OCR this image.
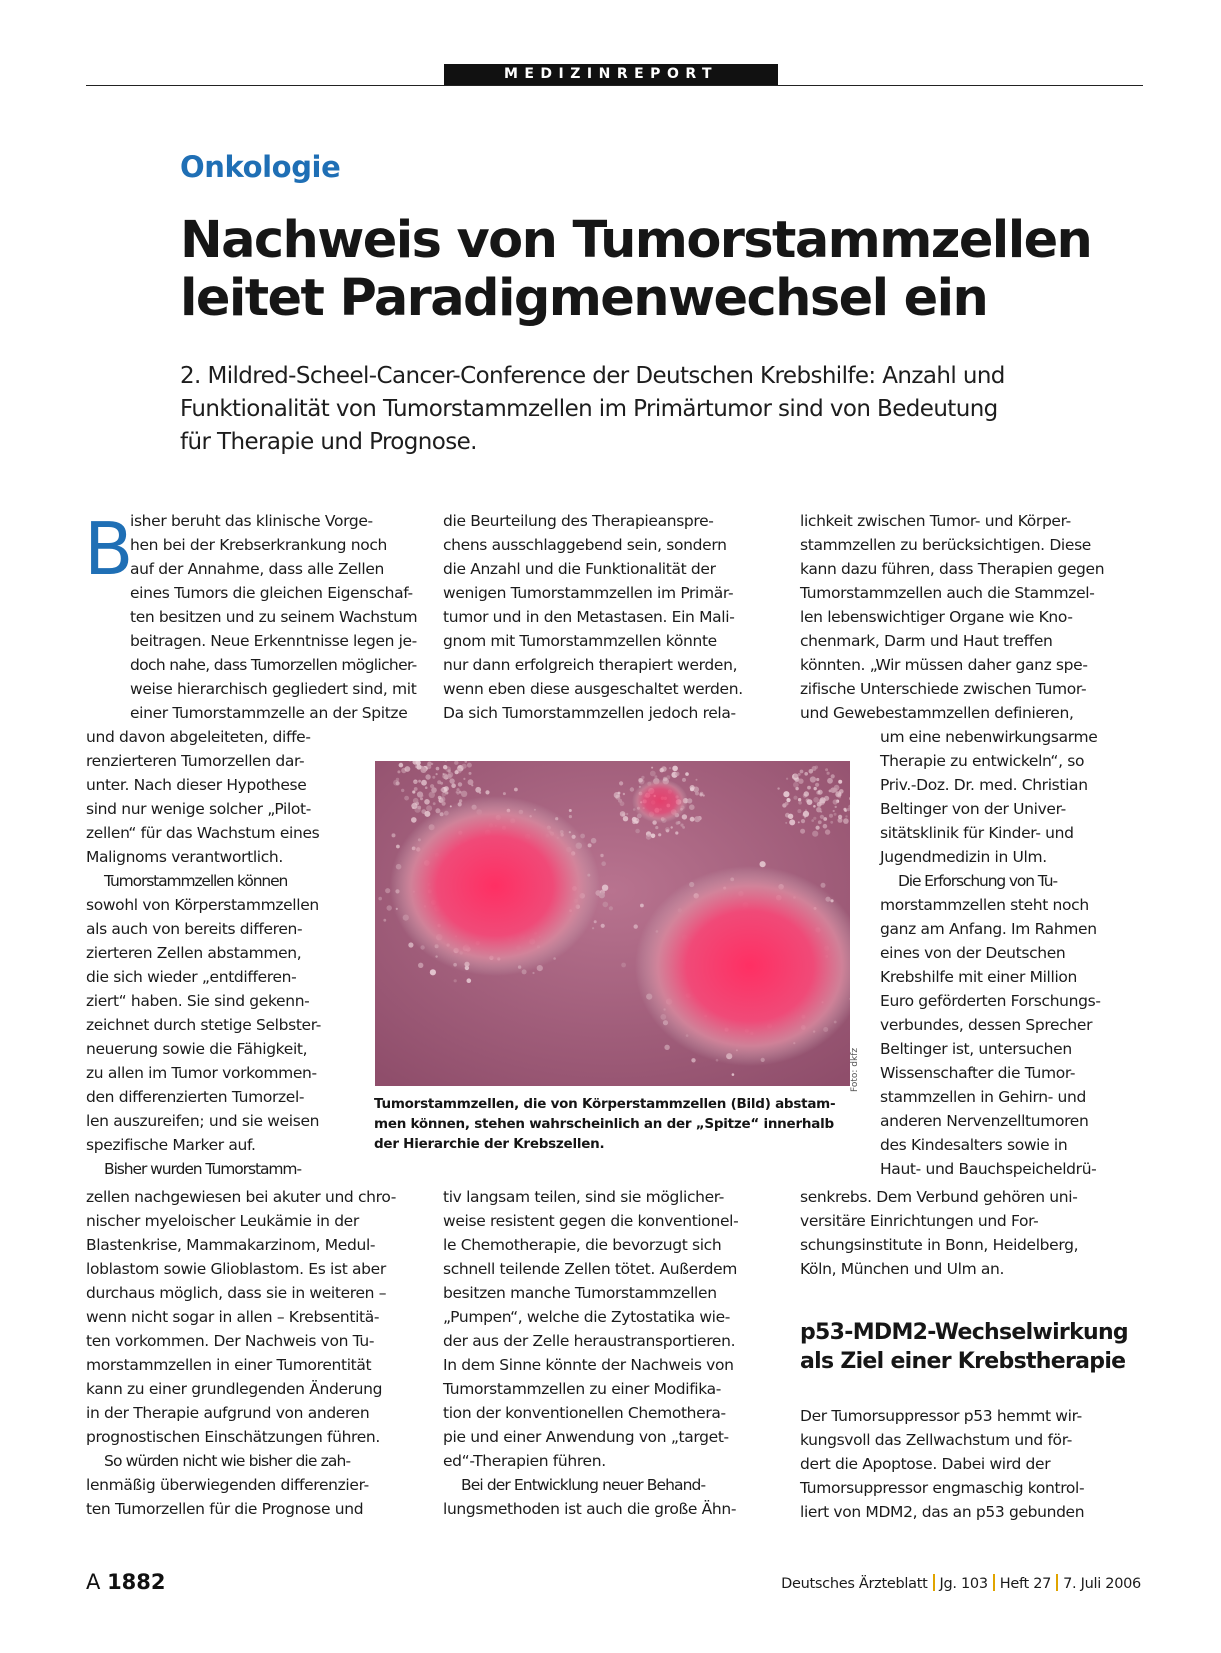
MEDIZINREPORT
Onkologie
Nachweis von Tumorstammzellen
leitet Paradigmenwechsel ein
2. Mildred-Scheel-Cancer-Conference der Deutschen Krebshilfe: Anzahl und
Funktionalität von Tumorstammzellen im Primärtumor sind von Bedeutung
für Therapie und Prognose.
B
isher beruht das klinische Vorge-
hen bei der Krebserkrankung noch
auf der Annahme, dass alle Zellen
eines Tumors die gleichen Eigenschaf-
ten besitzen und zu seinem Wachstum
beitragen. Neue Erkenntnisse legen je-
doch nahe, dass Tumorzellen möglicher-
weise hierarchisch gegliedert sind, mit
einer Tumorstammzelle an der Spitze
und davon abgeleiteten, diffe-
renzierteren Tumorzellen dar-
unter. Nach dieser Hypothese
sind nur wenige solcher „Pilot-
zellen“ für das Wachstum eines
Malignoms verantwortlich.
Tumorstammzellen können
sowohl von Körperstammzellen
als auch von bereits differen-
zierteren Zellen abstammen,
die sich wieder „entdifferen-
ziert“ haben. Sie sind gekenn-
zeichnet durch stetige Selbster-
neuerung sowie die Fähigkeit,
zu allen im Tumor vorkommen-
den differenzierten Tumorzel-
len auszureifen; und sie weisen
spezifische Marker auf.
Bisher wurden Tumorstamm-
zellen nachgewiesen bei akuter und chro-
nischer myeloischer Leukämie in der
Blastenkrise, Mammakarzinom, Medul-
loblastom sowie Glioblastom. Es ist aber
durchaus möglich, dass sie in weiteren –
wenn nicht sogar in allen – Krebsentitä-
ten vorkommen. Der Nachweis von Tu-
morstammzellen in einer Tumorentität
kann zu einer grundlegenden Änderung
in der Therapie aufgrund von anderen
prognostischen Einschätzungen führen.
So würden nicht wie bisher die zah-
lenmäßig überwiegenden differenzier-
ten Tumorzellen für die Prognose und
die Beurteilung des Therapieanspre-
chens ausschlaggebend sein, sondern
die Anzahl und die Funktionalität der
wenigen Tumorstammzellen im Primär-
tumor und in den Metastasen. Ein Mali-
gnom mit Tumorstammzellen könnte
nur dann erfolgreich therapiert werden,
wenn eben diese ausgeschaltet werden.
Da sich Tumorstammzellen jedoch rela-
tiv langsam teilen, sind sie möglicher-
weise resistent gegen die konventionel-
le Chemotherapie, die bevorzugt sich
schnell teilende Zellen tötet. Außerdem
besitzen manche Tumorstammzellen
„Pumpen“, welche die Zytostatika wie-
der aus der Zelle heraustransportieren.
In dem Sinne könnte der Nachweis von
Tumorstammzellen zu einer Modifika-
tion der konventionellen Chemothera-
pie und einer Anwendung von „target-
ed“-Therapien führen.
Bei der Entwicklung neuer Behand-
lungsmethoden ist auch die große Ähn-
lichkeit zwischen Tumor- und Körper-
stammzellen zu berücksichtigen. Diese
kann dazu führen, dass Therapien gegen
Tumorstammzellen auch die Stammzel-
len lebenswichtiger Organe wie Kno-
chenmark, Darm und Haut treffen
könnten. „Wir müssen daher ganz spe-
zifische Unterschiede zwischen Tumor-
und Gewebestammzellen definieren,
um eine nebenwirkungsarme
Therapie zu entwickeln“, so
Priv.-Doz. Dr. med. Christian
Beltinger von der Univer-
sitätsklinik für Kinder- und
Jugendmedizin in Ulm.
Die Erforschung von Tu-
morstammzellen steht noch
ganz am Anfang. Im Rahmen
eines von der Deutschen
Krebshilfe mit einer Million
Euro geförderten Forschungs-
verbundes, dessen Sprecher
Beltinger ist, untersuchen
Wissenschafter die Tumor-
stammzellen in Gehirn- und
anderen Nervenzelltumoren
des Kindesalters sowie in
Haut- und Bauchspeicheldrü-
senkrebs. Dem Verbund gehören uni-
versitäre Einrichtungen und For-
schungsinstitute in Bonn, Heidelberg,
Köln, München und Ulm an.
p53-MDM2-Wechselwirkung
als Ziel einer Krebstherapie
Der Tumorsuppressor p53 hemmt wir-
kungsvoll das Zellwachstum und för-
dert die Apoptose. Dabei wird der
Tumorsuppressor engmaschig kontrol-
liert von MDM2, das an p53 gebunden
Foto: dkfz
Tumorstammzellen, die von Körperstammzellen (Bild) abstam-
men können, stehen wahrscheinlich an der „Spitze“ innerhalb
der Hierarchie der Krebszellen.
A 1882	Deutsches Ärzteblatt Jg. 103 Heft 27 7. Juli 2006
